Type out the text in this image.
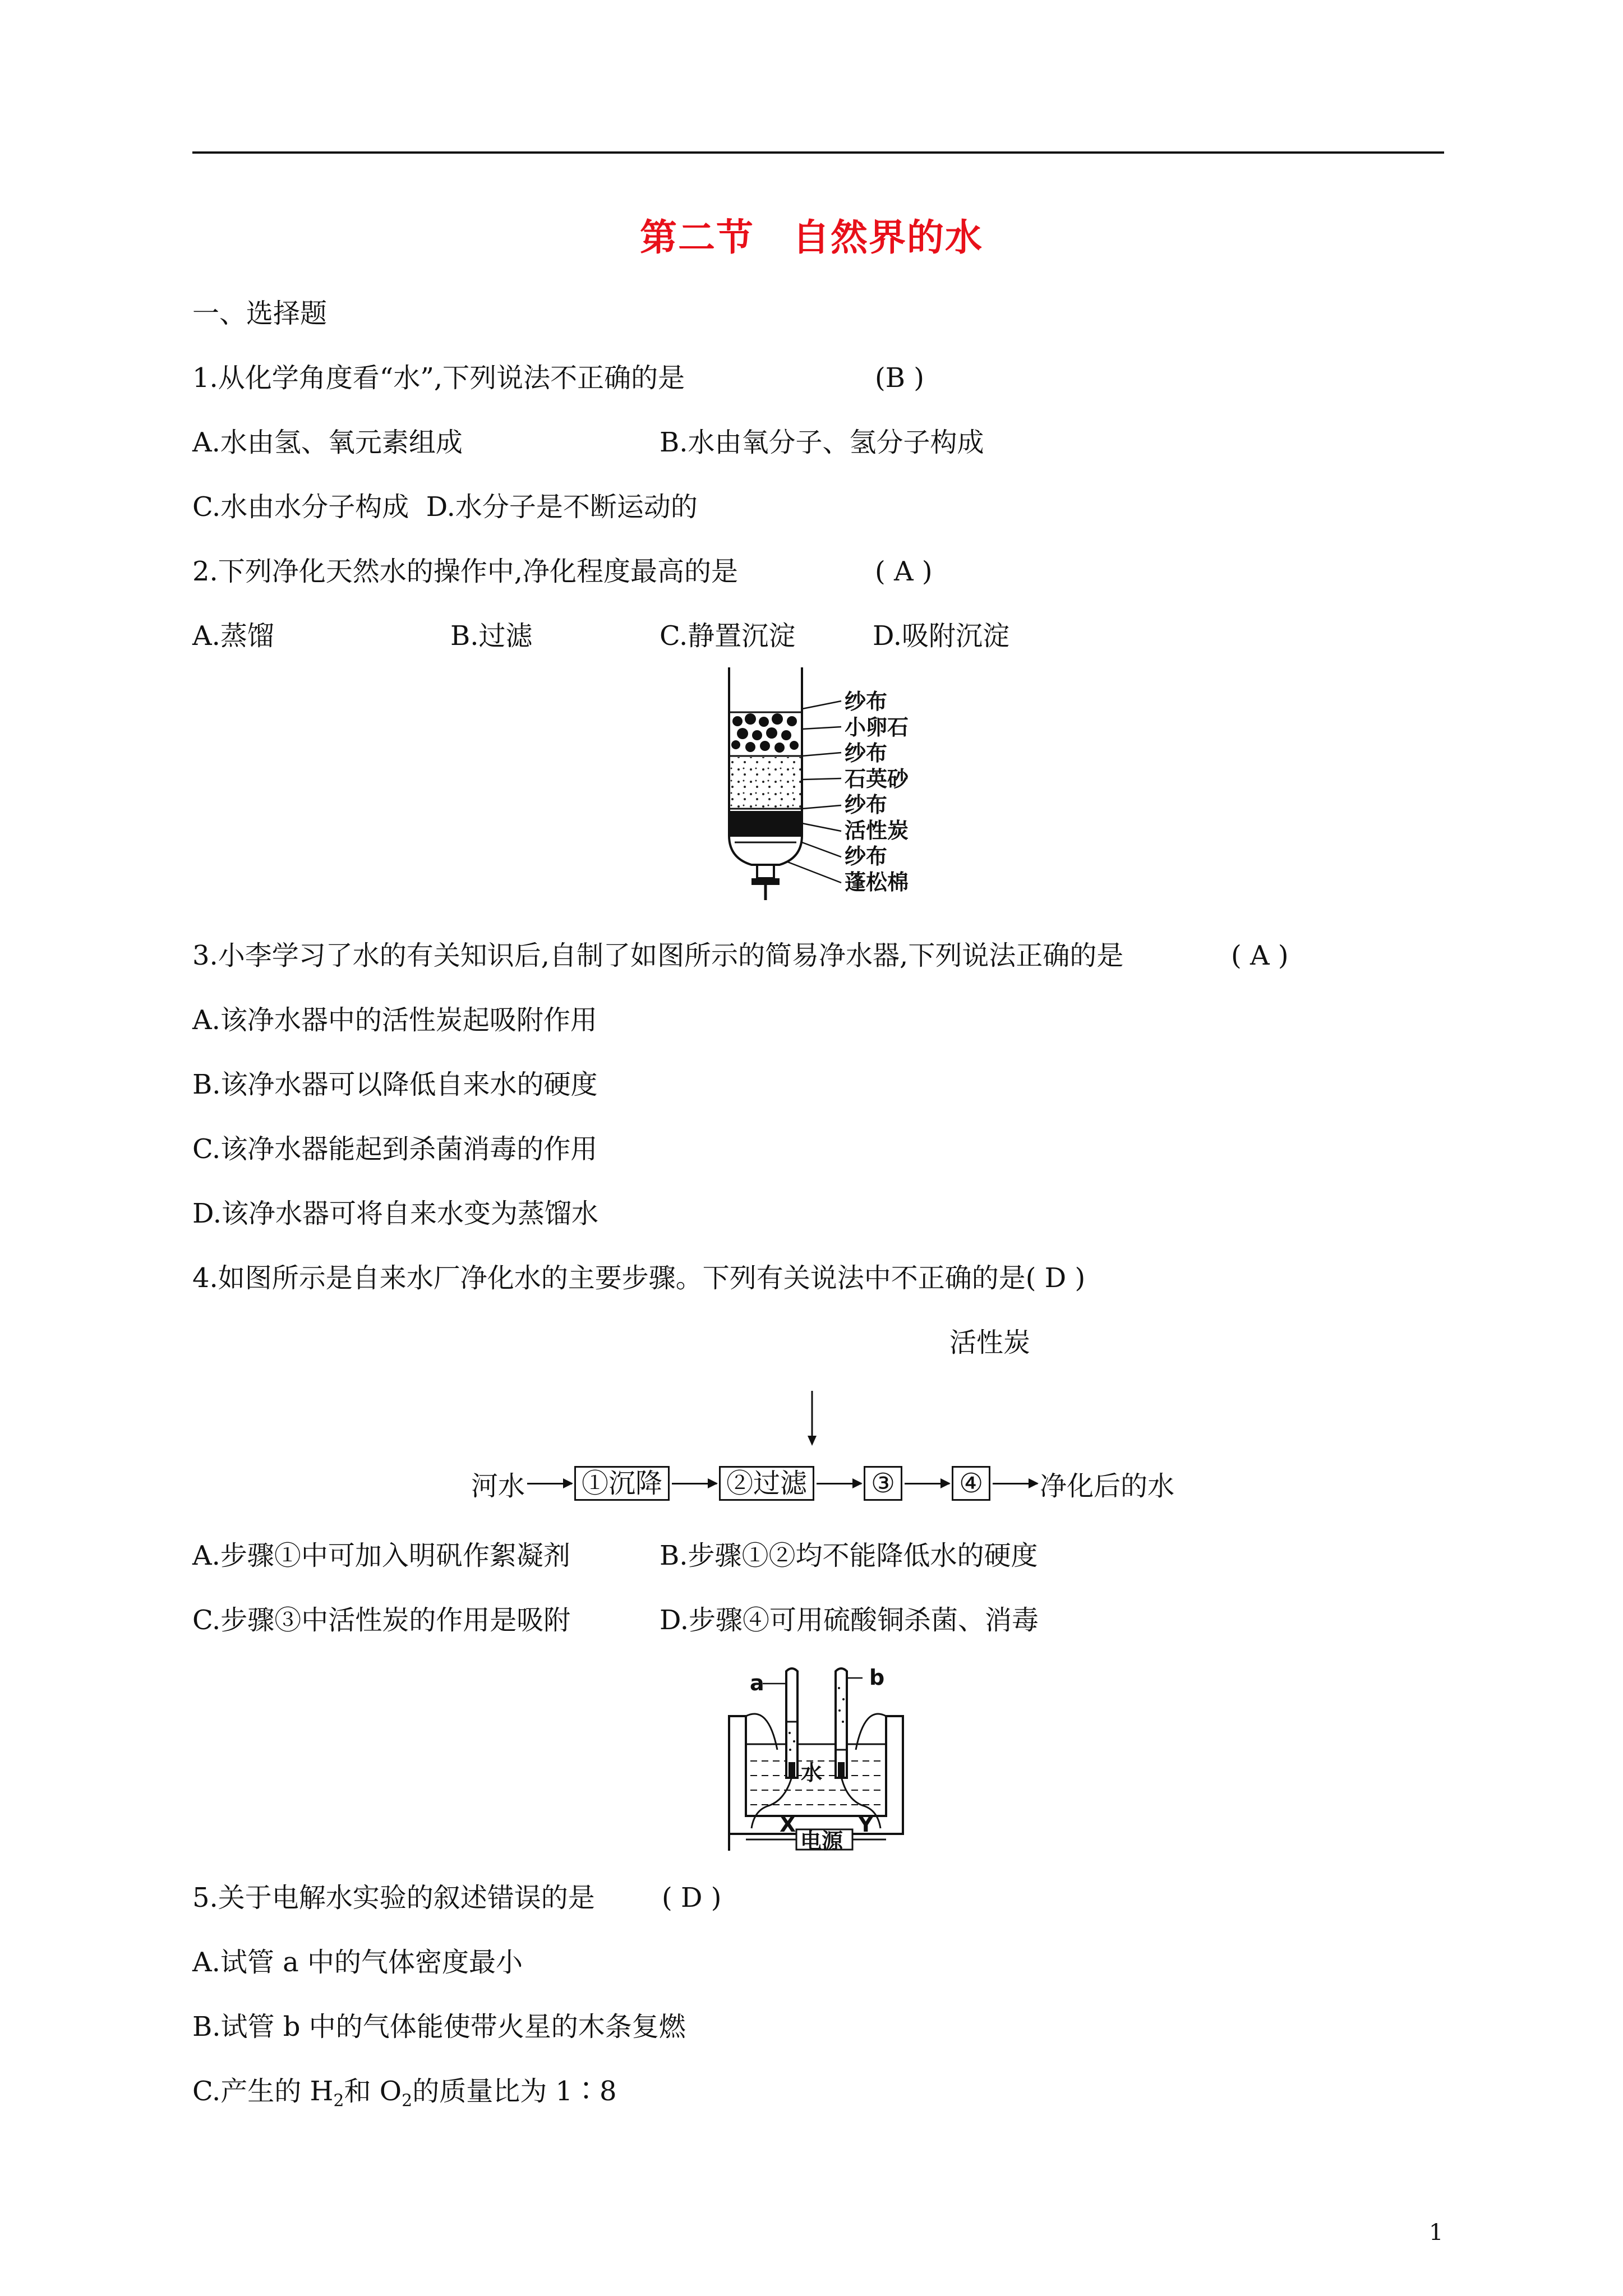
第二节　自然界的水
一、选择题
1.从化学角度看“水”,下列说法不正确的是	(B )
A.水由氢、氧元素组成	B.水由氧分子、氢分子构成
C.水由水分子构成  D.水分子是不断运动的
2.下列净化天然水的操作中,净化程度最高的是	( A )
A.蒸馏	B.过滤	C.静置沉淀	D.吸附沉淀
纱布
小卵石
纱布
石英砂
纱布
活性炭
纱布
蓬松棉
3.小李学习了水的有关知识后,自制了如图所示的简易净水器,下列说法正确的是	( A )
A.该净水器中的活性炭起吸附作用
B.该净水器可以降低自来水的硬度
C.该净水器能起到杀菌消毒的作用
D.该净水器可将自来水变为蒸馏水
4.如图所示是自来水厂净化水的主要步骤。下列有关说法中不正确的是( D )
活性炭
河水 ①沉降 ②过滤 ③ ④ 净化后的水
A.步骤①中可加入明矾作絮凝剂	B.步骤①②均不能降低水的硬度
C.步骤③中活性炭的作用是吸附	D.步骤④可用硫酸铜杀菌、消毒
a	b
水
X	Y
电源
5.关于电解水实验的叙述错误的是 ( D )
A.试管 a 中的气体密度最小
B.试管 b 中的气体能使带火星的木条复燃
C.产生的 $H_2$和 $O_2$的质量比为 1∶8
1
